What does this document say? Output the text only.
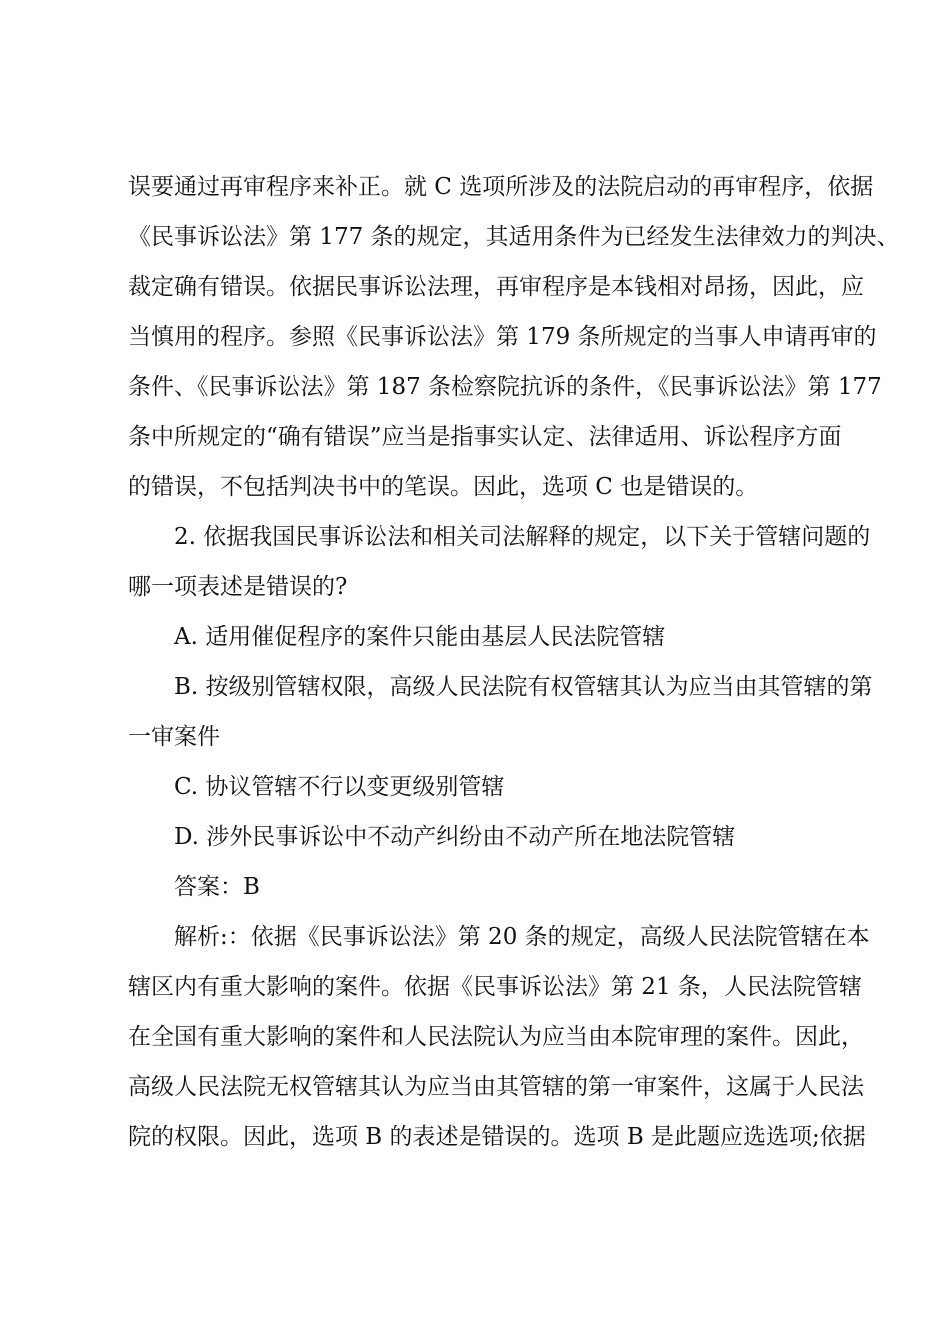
误要通过再审程序来补正。就 C 选项所涉及的法院启动的再审程序，依据
《民事诉讼法》第 177 条的规定，其适用条件为已经发生法律效力的判决、
裁定确有错误。依据民事诉讼法理，再审程序是本钱相对昂扬，因此，应
当慎用的程序。参照《民事诉讼法》第 179 条所规定的当事人申请再审的
条件、《民事诉讼法》第 187 条检察院抗诉的条件，《民事诉讼法》第 177
条中所规定的“确有错误”应当是指事实认定、法律适用、诉讼程序方面
的错误，不包括判决书中的笔误。因此，选项 C 也是错误的。
2. 依据我国民事诉讼法和相关司法解释的规定，以下关于管辖问题的
哪一项表述是错误的?
A. 适用催促程序的案件只能由基层人民法院管辖
B. 按级别管辖权限，高级人民法院有权管辖其认为应当由其管辖的第
一审案件
C. 协议管辖不行以变更级别管辖
D. 涉外民事诉讼中不动产纠纷由不动产所在地法院管辖
答案：B
解析:：依据《民事诉讼法》第 20 条的规定，高级人民法院管辖在本
辖区内有重大影响的案件。依据《民事诉讼法》第 21 条，人民法院管辖
在全国有重大影响的案件和人民法院认为应当由本院审理的案件。因此，
高级人民法院无权管辖其认为应当由其管辖的第一审案件，这属于人民法
院的权限。因此，选项 B 的表述是错误的。选项 B 是此题应选选项;依据
